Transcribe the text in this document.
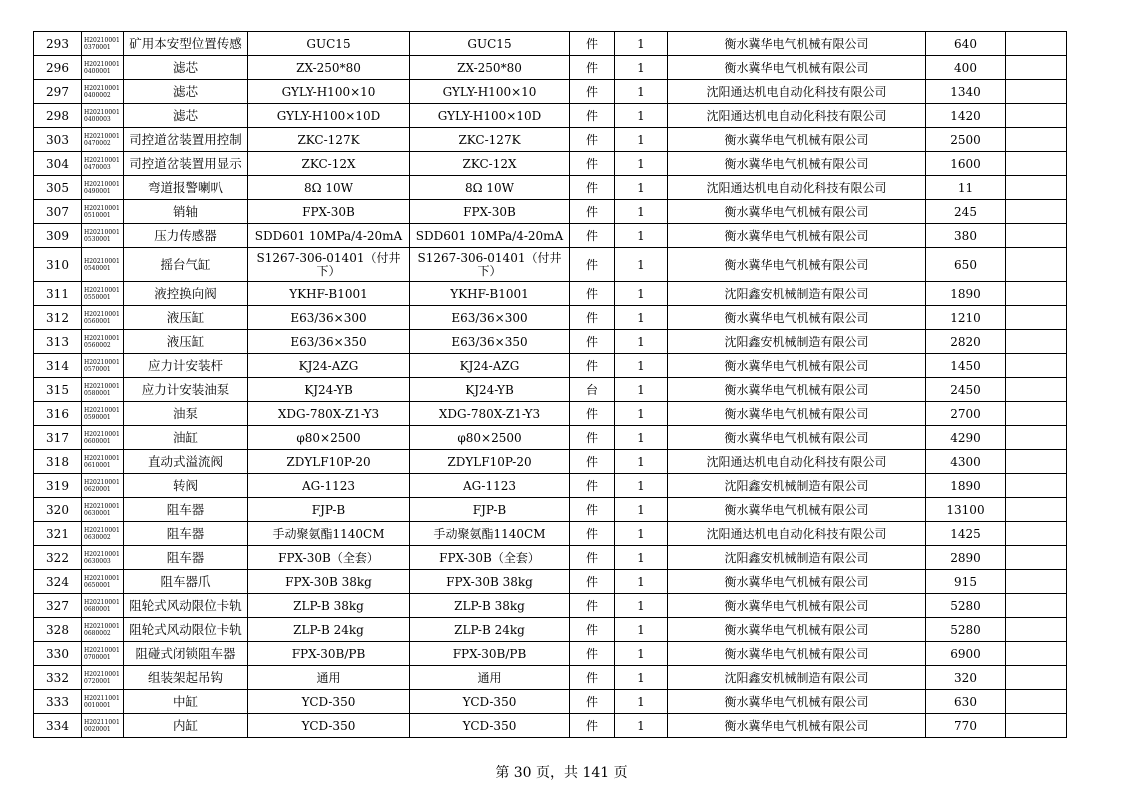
293	H20210001 0370001	矿用本安型位置传感	GUC15	GUC15	件	1	衡水冀华电气机械有限公司	640	
296	H20210001 0400001	滤芯	ZX-250*80	ZX-250*80	件	1	衡水冀华电气机械有限公司	400	
297	H20210001 0400002	滤芯	GYLY-H100×10	GYLY-H100×10	件	1	沈阳通达机电自动化科技有限公司	1340	
298	H20210001 0400003	滤芯	GYLY-H100×10D	GYLY-H100×10D	件	1	沈阳通达机电自动化科技有限公司	1420	
303	H20210001 0470002	司控道岔装置用控制	ZKC-127K	ZKC-127K	件	1	衡水冀华电气机械有限公司	2500	
304	H20210001 0470003	司控道岔装置用显示	ZKC-12X	ZKC-12X	件	1	衡水冀华电气机械有限公司	1600	
305	H20210001 0490001	弯道报警喇叭	8Ω 10W	8Ω 10W	件	1	沈阳通达机电自动化科技有限公司	11	
307	H20210001 0510001	销轴	FPX-30B	FPX-30B	件	1	衡水冀华电气机械有限公司	245	
309	H20210001 0530001	压力传感器	SDD601 10MPa/4-20mA	SDD601 10MPa/4-20mA	件	1	衡水冀华电气机械有限公司	380	
310	H20210001 0540001	摇台气缸	S1267-306-01401（付井下）	S1267-306-01401（付井下）	件	1	衡水冀华电气机械有限公司	650	
311	H20210001 0550001	液控换向阀	YKHF-B1001	YKHF-B1001	件	1	沈阳鑫安机械制造有限公司	1890	
312	H20210001 0560001	液压缸	E63/36×300	E63/36×300	件	1	衡水冀华电气机械有限公司	1210	
313	H20210001 0560002	液压缸	E63/36×350	E63/36×350	件	1	沈阳鑫安机械制造有限公司	2820	
314	H20210001 0570001	应力计安装杆	KJ24-AZG	KJ24-AZG	件	1	衡水冀华电气机械有限公司	1450	
315	H20210001 0580001	应力计安装油泵	KJ24-YB	KJ24-YB	台	1	衡水冀华电气机械有限公司	2450	
316	H20210001 0590001	油泵	XDG-780X-Z1-Y3	XDG-780X-Z1-Y3	件	1	衡水冀华电气机械有限公司	2700	
317	H20210001 0600001	油缸	φ80×2500	φ80×2500	件	1	衡水冀华电气机械有限公司	4290	
318	H20210001 0610001	直动式溢流阀	ZDYLF10P-20	ZDYLF10P-20	件	1	沈阳通达机电自动化科技有限公司	4300	
319	H20210001 0620001	转阀	AG-1123	AG-1123	件	1	沈阳鑫安机械制造有限公司	1890	
320	H20210001 0630001	阻车器	FJP-B	FJP-B	件	1	衡水冀华电气机械有限公司	13100	
321	H20210001 0630002	阻车器	手动聚氨酯1140CM	手动聚氨酯1140CM	件	1	沈阳通达机电自动化科技有限公司	1425	
322	H20210001 0630003	阻车器	FPX-30B（全套）	FPX-30B（全套）	件	1	沈阳鑫安机械制造有限公司	2890	
324	H20210001 0650001	阻车器爪	FPX-30B 38kg	FPX-30B 38kg	件	1	衡水冀华电气机械有限公司	915	
327	H20210001 0680001	阻轮式风动限位卡轨	ZLP-B 38kg	ZLP-B 38kg	件	1	衡水冀华电气机械有限公司	5280	
328	H20210001 0680002	阻轮式风动限位卡轨	ZLP-B 24kg	ZLP-B 24kg	件	1	衡水冀华电气机械有限公司	5280	
330	H20210001 0700001	阻碰式闭锁阻车器	FPX-30B/PB	FPX-30B/PB	件	1	衡水冀华电气机械有限公司	6900	
332	H20210001 0720001	组装架起吊钩	通用	通用	件	1	沈阳鑫安机械制造有限公司	320	
333	H20211001 0010001	中缸	YCD-350	YCD-350	件	1	衡水冀华电气机械有限公司	630	
334	H20211001 0020001	内缸	YCD-350	YCD-350	件	1	衡水冀华电气机械有限公司	770	
第 30 页，共 141 页
